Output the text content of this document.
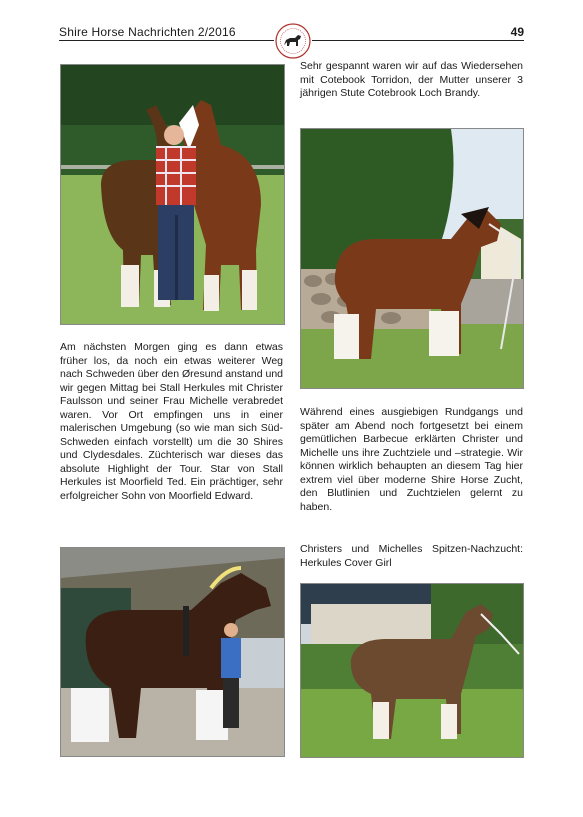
Shire Horse Nachrichten 2/2016	49

Sehr gespannt waren wir auf das Wiedersehen mit Cotebook Torridon, der Mutter unserer 3 jährigen Stute Cotebrook Loch Brandy.

Am nächsten Morgen ging es dann etwas früher los, da noch ein etwas weiterer Weg nach Schweden über den Øresund anstand und wir gegen Mittag bei Stall Herkules mit Christer Faulsson und seiner Frau Michelle verabredet waren. Vor Ort empfingen uns in einer malerischen Umgebung (so wie man sich Süd-Schweden einfach vorstellt) um die 30 Shires und Clydesdales. Züchterisch war dieses das absolute Highlight der Tour. Star von Stall Herkules ist Moorfield Ted. Ein prächtiger, sehr erfolgreicher Sohn von Moorfield Edward.

Während eines ausgiebigen Rundgangs und später am Abend noch fortgesetzt bei einem gemütlichen Barbecue erklärten Christer und Michelle uns ihre Zuchtziele und –strategie. Wir können wirklich behaupten an diesem Tag hier extrem viel über moderne Shire Horse Zucht, den Blutlinien und Zuchtzielen gelernt zu haben.

Christers und Michelles Spitzen-Nachzucht: Herkules Cover Girl
